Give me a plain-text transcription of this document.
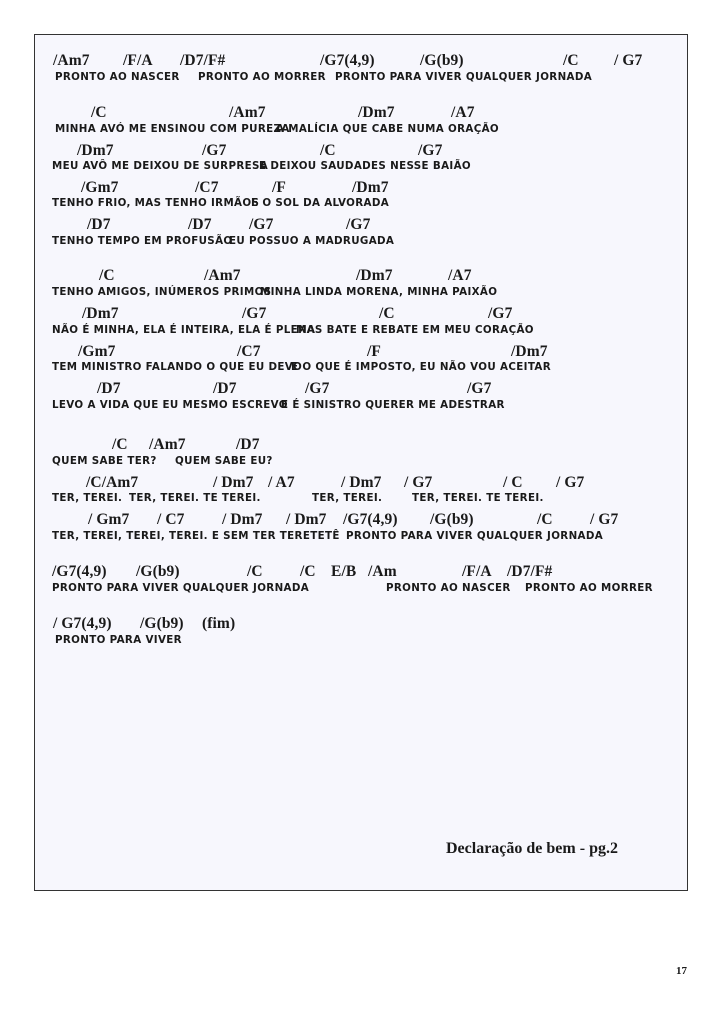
/Am7 /F/A /D7/F#	/G7(4,9)	/G(b9)	/C / G7
PRONTO AO NASCER PRONTO AO MORRER PRONTO PARA VIVER QUALQUER JORNADA
/C	/Am7	/Dm7	/A7
MINHA AVÓ ME ENSINOU COM PUREZA
A MALÍCIA QUE CABE NUMA ORAÇÃO
/Dm7	/G7	/C	/G7
MEU AVÔ ME DEIXOU DE SURPRESA
E DEIXOU SAUDADES NESSE BAIÃO
/Gm7	/C7	/F	/Dm7
TENHO FRIO, MAS TENHO IRMÃOS
E O SOL DA ALVORADA
/D7	/D7 /G7	/G7
TENHO TEMPO EM PROFUSÃO
EU POSSUO A MADRUGADA
/C	/Am7	/Dm7	/A7
TENHO AMIGOS, INÚMEROS PRIMOS
MINHA LINDA MORENA, MINHA PAIXÃO
/Dm7	/G7	/C	/G7
NÃO É MINHA, ELA É INTEIRA, ELA É PLENA
MAS BATE E REBATE EM MEU CORAÇÃO
/Gm7	/C7	/F	/Dm7
TEM MINISTRO FALANDO O QUE EU DEVO
E O QUE É IMPOSTO, EU NÃO VOU ACEITAR
/D7	/D7	/G7	/G7
LEVO A VIDA QUE EU MESMO ESCREVO
E É SINISTRO QUERER ME ADESTRAR
/C /Am7	/D7
QUEM SABE TER? QUEM SABE EU?
/C/Am7	/ Dm7 / A7	/ Dm7 / G7	/ C / G7
TER, TEREI. TER, TEREI. TE TEREI.	TER, TEREI.	TER, TEREI. TE TEREI.
/ Gm7 / C7 / Dm7 / Dm7 /G7(4,9) /G(b9)	/C / G7
TER, TEREI, TEREI, TEREI. E SEM TER TERETETÊ PRONTO PARA VIVER QUALQUER JORNADA
/G7(4,9) /G(b9)	/C /C E/B /Am	/F/A /D7/F#
PRONTO PARA VIVER QUALQUER JORNADA	PRONTO AO NASCER PRONTO AO MORRER
/ G7(4,9) /G(b9) (fim)
PRONTO PARA VIVER
Declaração de bem - pg.2
17
